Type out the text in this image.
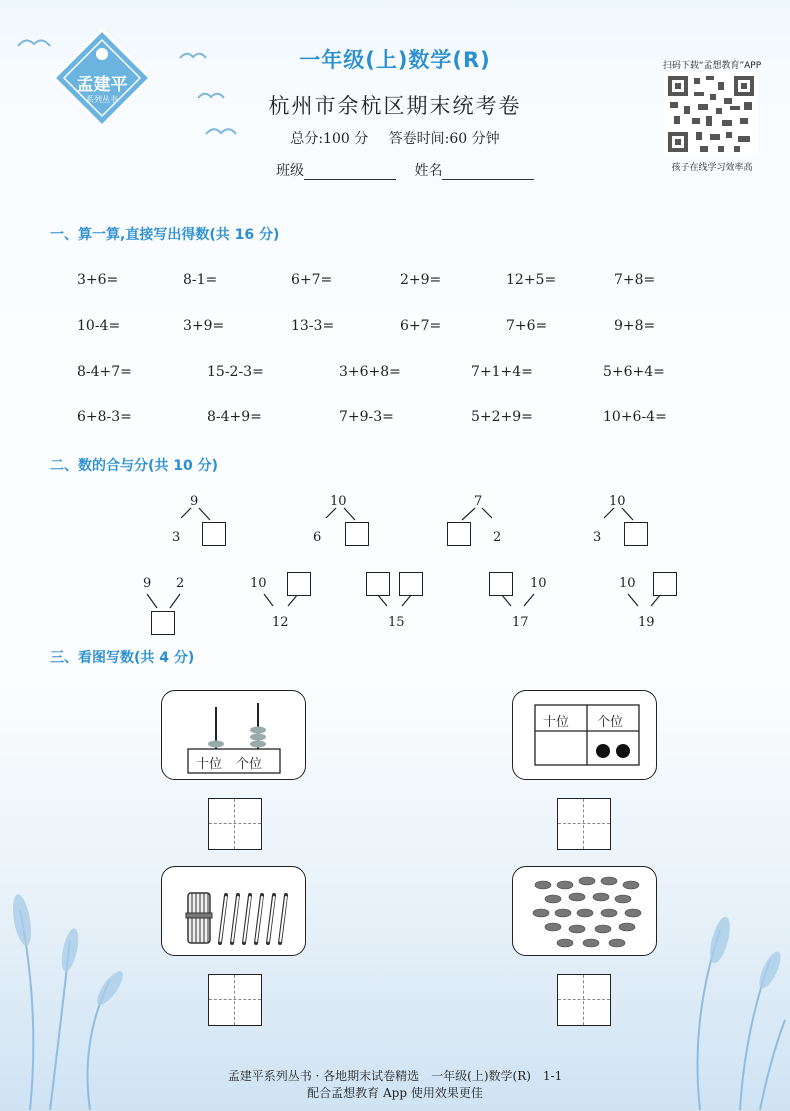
孟建平
系列丛书
一年级(上)数学(R)
杭州市余杭区期末统考卷
总分:100 分 答卷时间:60 分钟
班级	姓名
扫码下载“孟想教育”APP
孩子在线学习效率高
一、算一算,直接写出得数(共 16 分)
3+6=	8-1=	6+7=	2+9=	12+5=	7+8=
10-4=	3+9=	13-3=	6+7=	7+6=	9+8=
8-4+7=	15-2-3=	3+6+8=	7+1+4=	5+6+4=
6+8-3=	8-4+9=	7+9-3=	5+2+9=	10+6-4=
二、数的合与分(共 10 分)
9
3
10
6
7
2
10
3
9 2	10
12	15
10
17
10
19
三、看图写数(共 4 分)
十位 个位
十位 个位
孟建平系列丛书 · 各地期末试卷精选　一年级(上)数学(R)　1-1
配合孟想教育 App 使用效果更佳
